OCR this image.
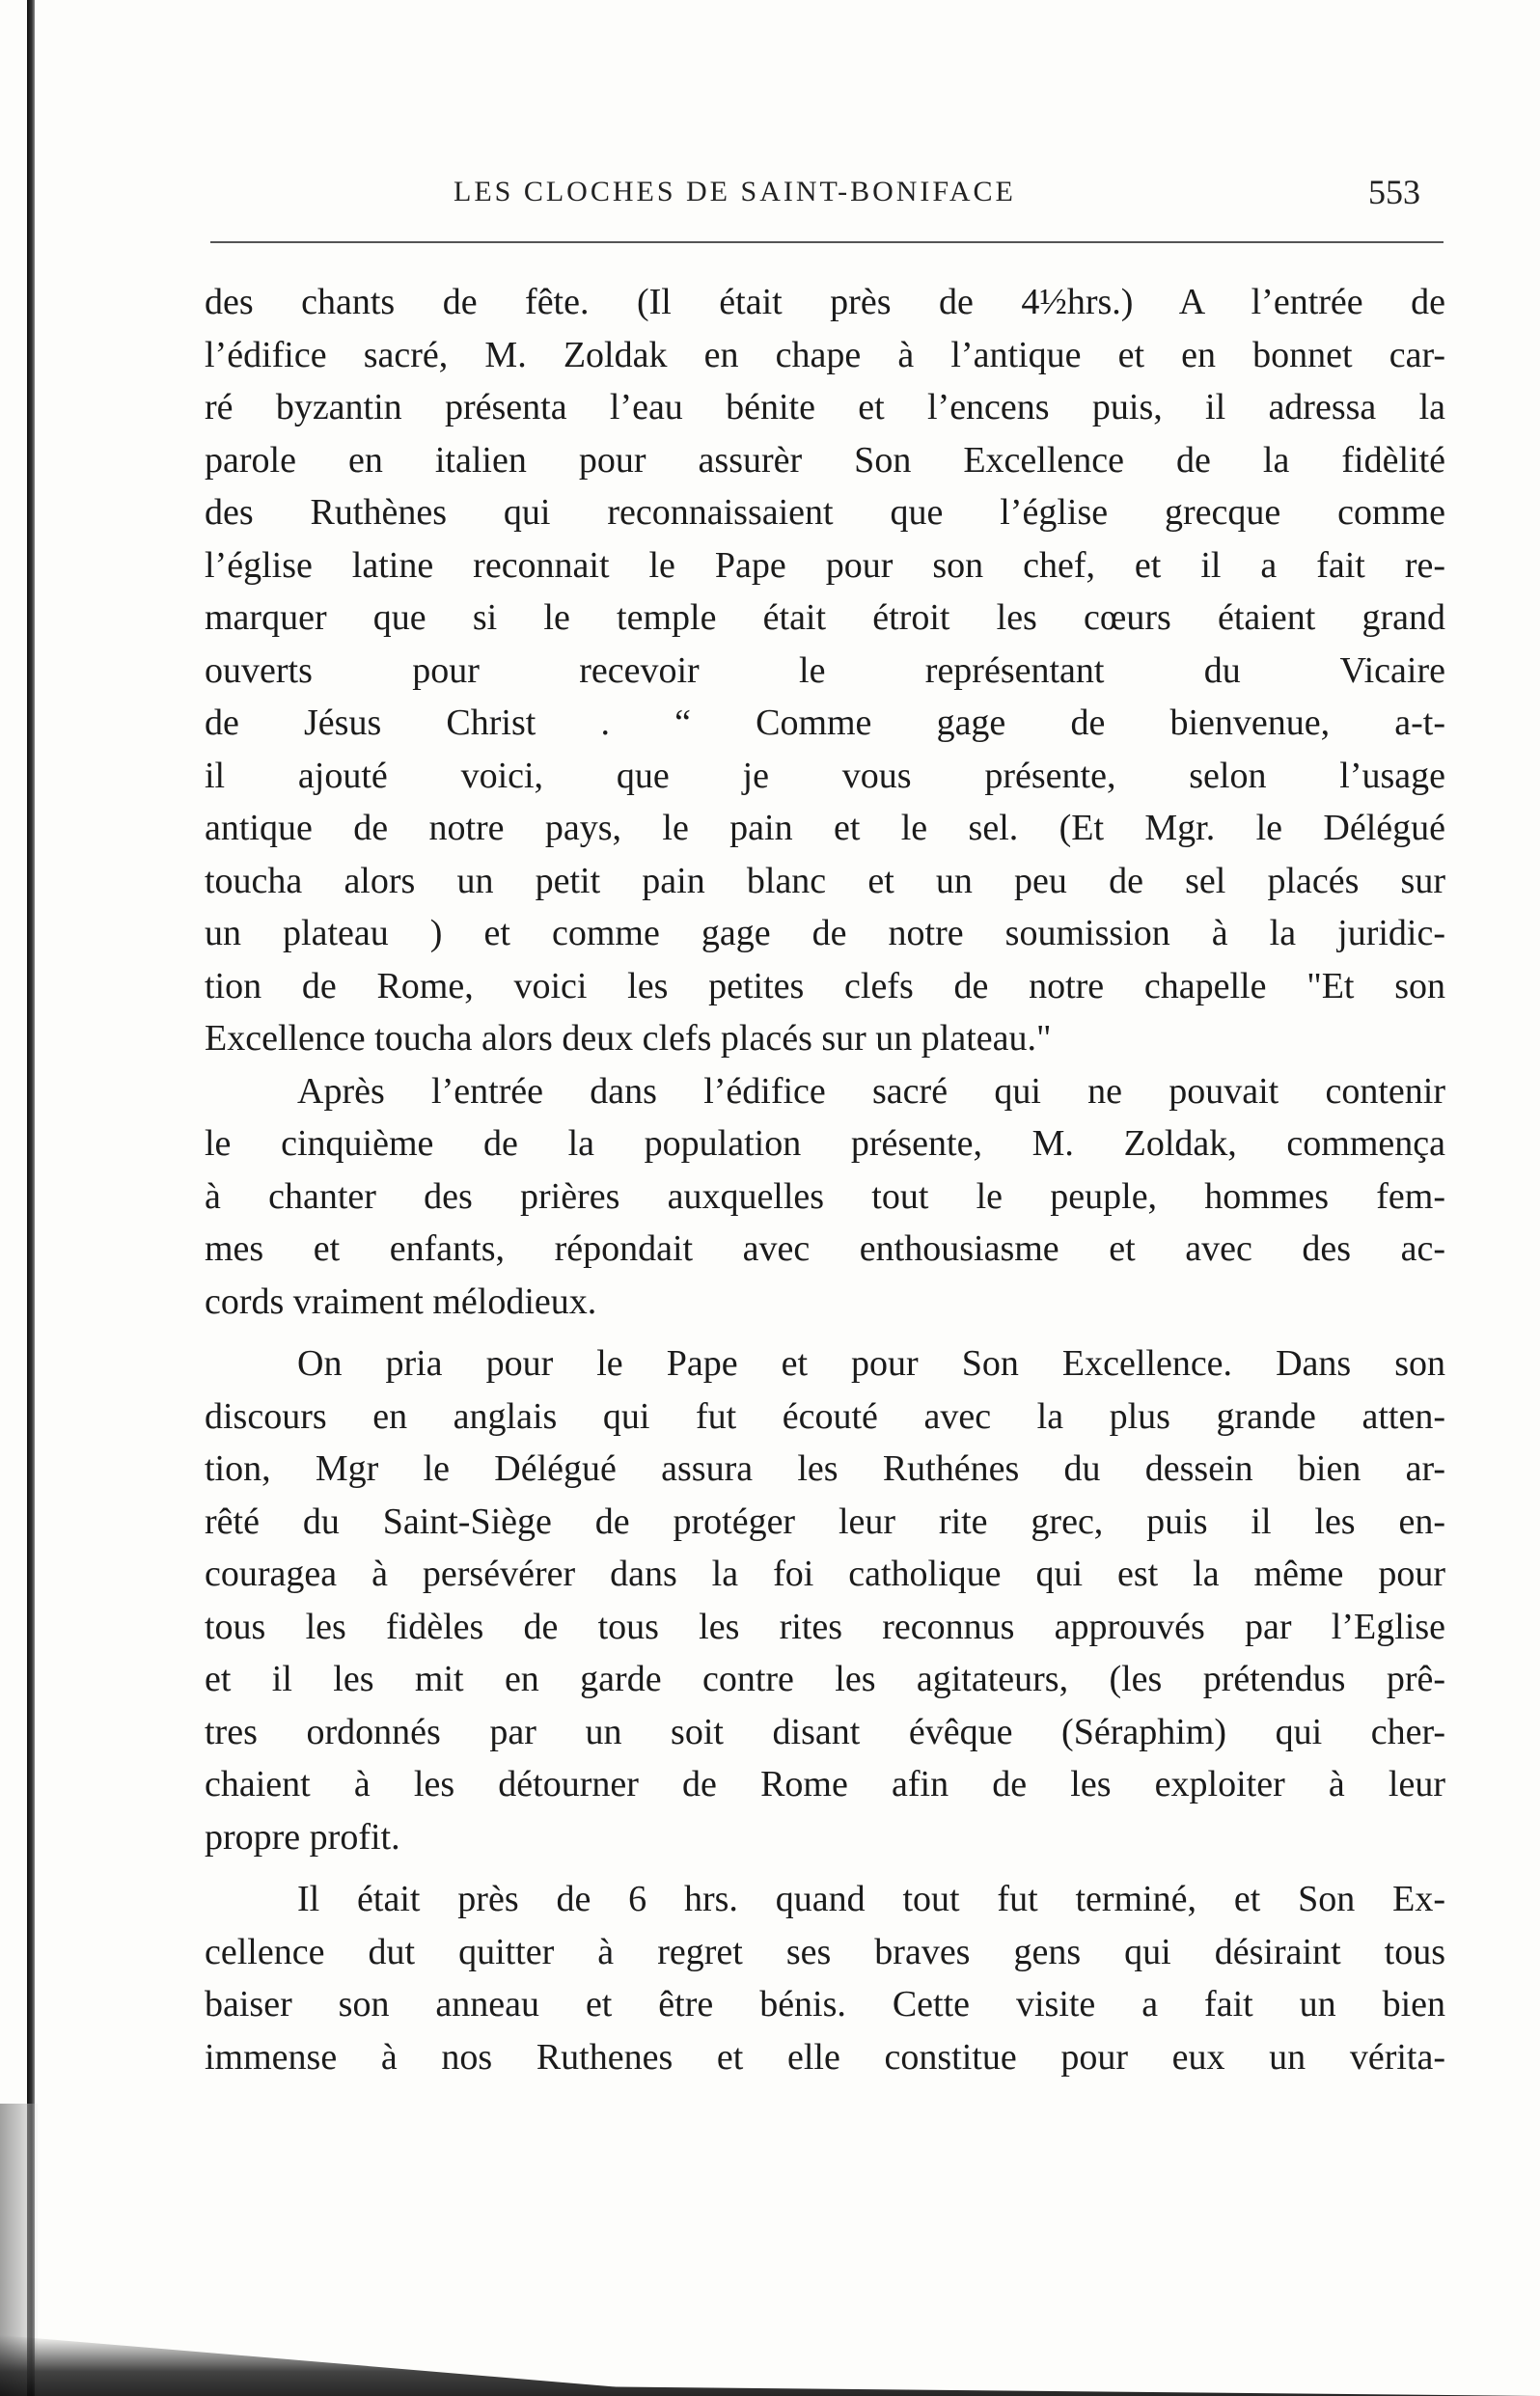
LES CLOCHES DE SAINT-BONIFACE	553

des chants de fête. (Il était près de 4½hrs.) A l’entrée de
l’édifice sacré, M. Zoldak en chape à l’antique et en bonnet car-
ré byzantin présenta l’eau bénite et l’encens puis, il adressa la
parole en italien pour assurèr Son Excellence de la fidèlité
des Ruthènes qui reconnaissaient que l’église grecque comme
l’église latine reconnait le Pape pour son chef, et il a fait re-
marquer que si le temple était étroit les cœurs étaient grand
ouverts pour recevoir le représentant du Vicaire
de Jésus Christ . “ Comme gage de bienvenue, a-t-
il ajouté voici, que je vous présente, selon l’usage
antique de notre pays, le pain et le sel. (Et Mgr. le Délégué
toucha alors un petit pain blanc et un peu de sel placés sur
un plateau ) et comme gage de notre soumission à la juridic-
tion de Rome, voici les petites clefs de notre chapelle "Et son
Excellence toucha alors deux clefs placés sur un plateau."

Après l’entrée dans l’édifice sacré qui ne pouvait contenir
le cinquième de la population présente, M. Zoldak, commença
à chanter des prières auxquelles tout le peuple, hommes fem-
mes et enfants, répondait avec enthousiasme et avec des ac-
cords vraiment mélodieux.

On pria pour le Pape et pour Son Excellence. Dans son
discours en anglais qui fut écouté avec la plus grande atten-
tion, Mgr le Délégué assura les Ruthénes du dessein bien ar-
rêté du Saint-Siège de protéger leur rite grec, puis il les en-
couragea à persévérer dans la foi catholique qui est la même pour
tous les fidèles de tous les rites reconnus approuvés par l’Eglise
et il les mit en garde contre les agitateurs, (les prétendus prê-
tres ordonnés par un soit disant évêque (Séraphim) qui cher-
chaient à les détourner de Rome afin de les exploiter à leur
propre profit.

Il était près de 6 hrs. quand tout fut terminé, et Son Ex-
cellence dut quitter à regret ses braves gens qui désiraint tous
baiser son anneau et être bénis. Cette visite a fait un bien
immense à nos Ruthenes et elle constitue pour eux un vérita-
